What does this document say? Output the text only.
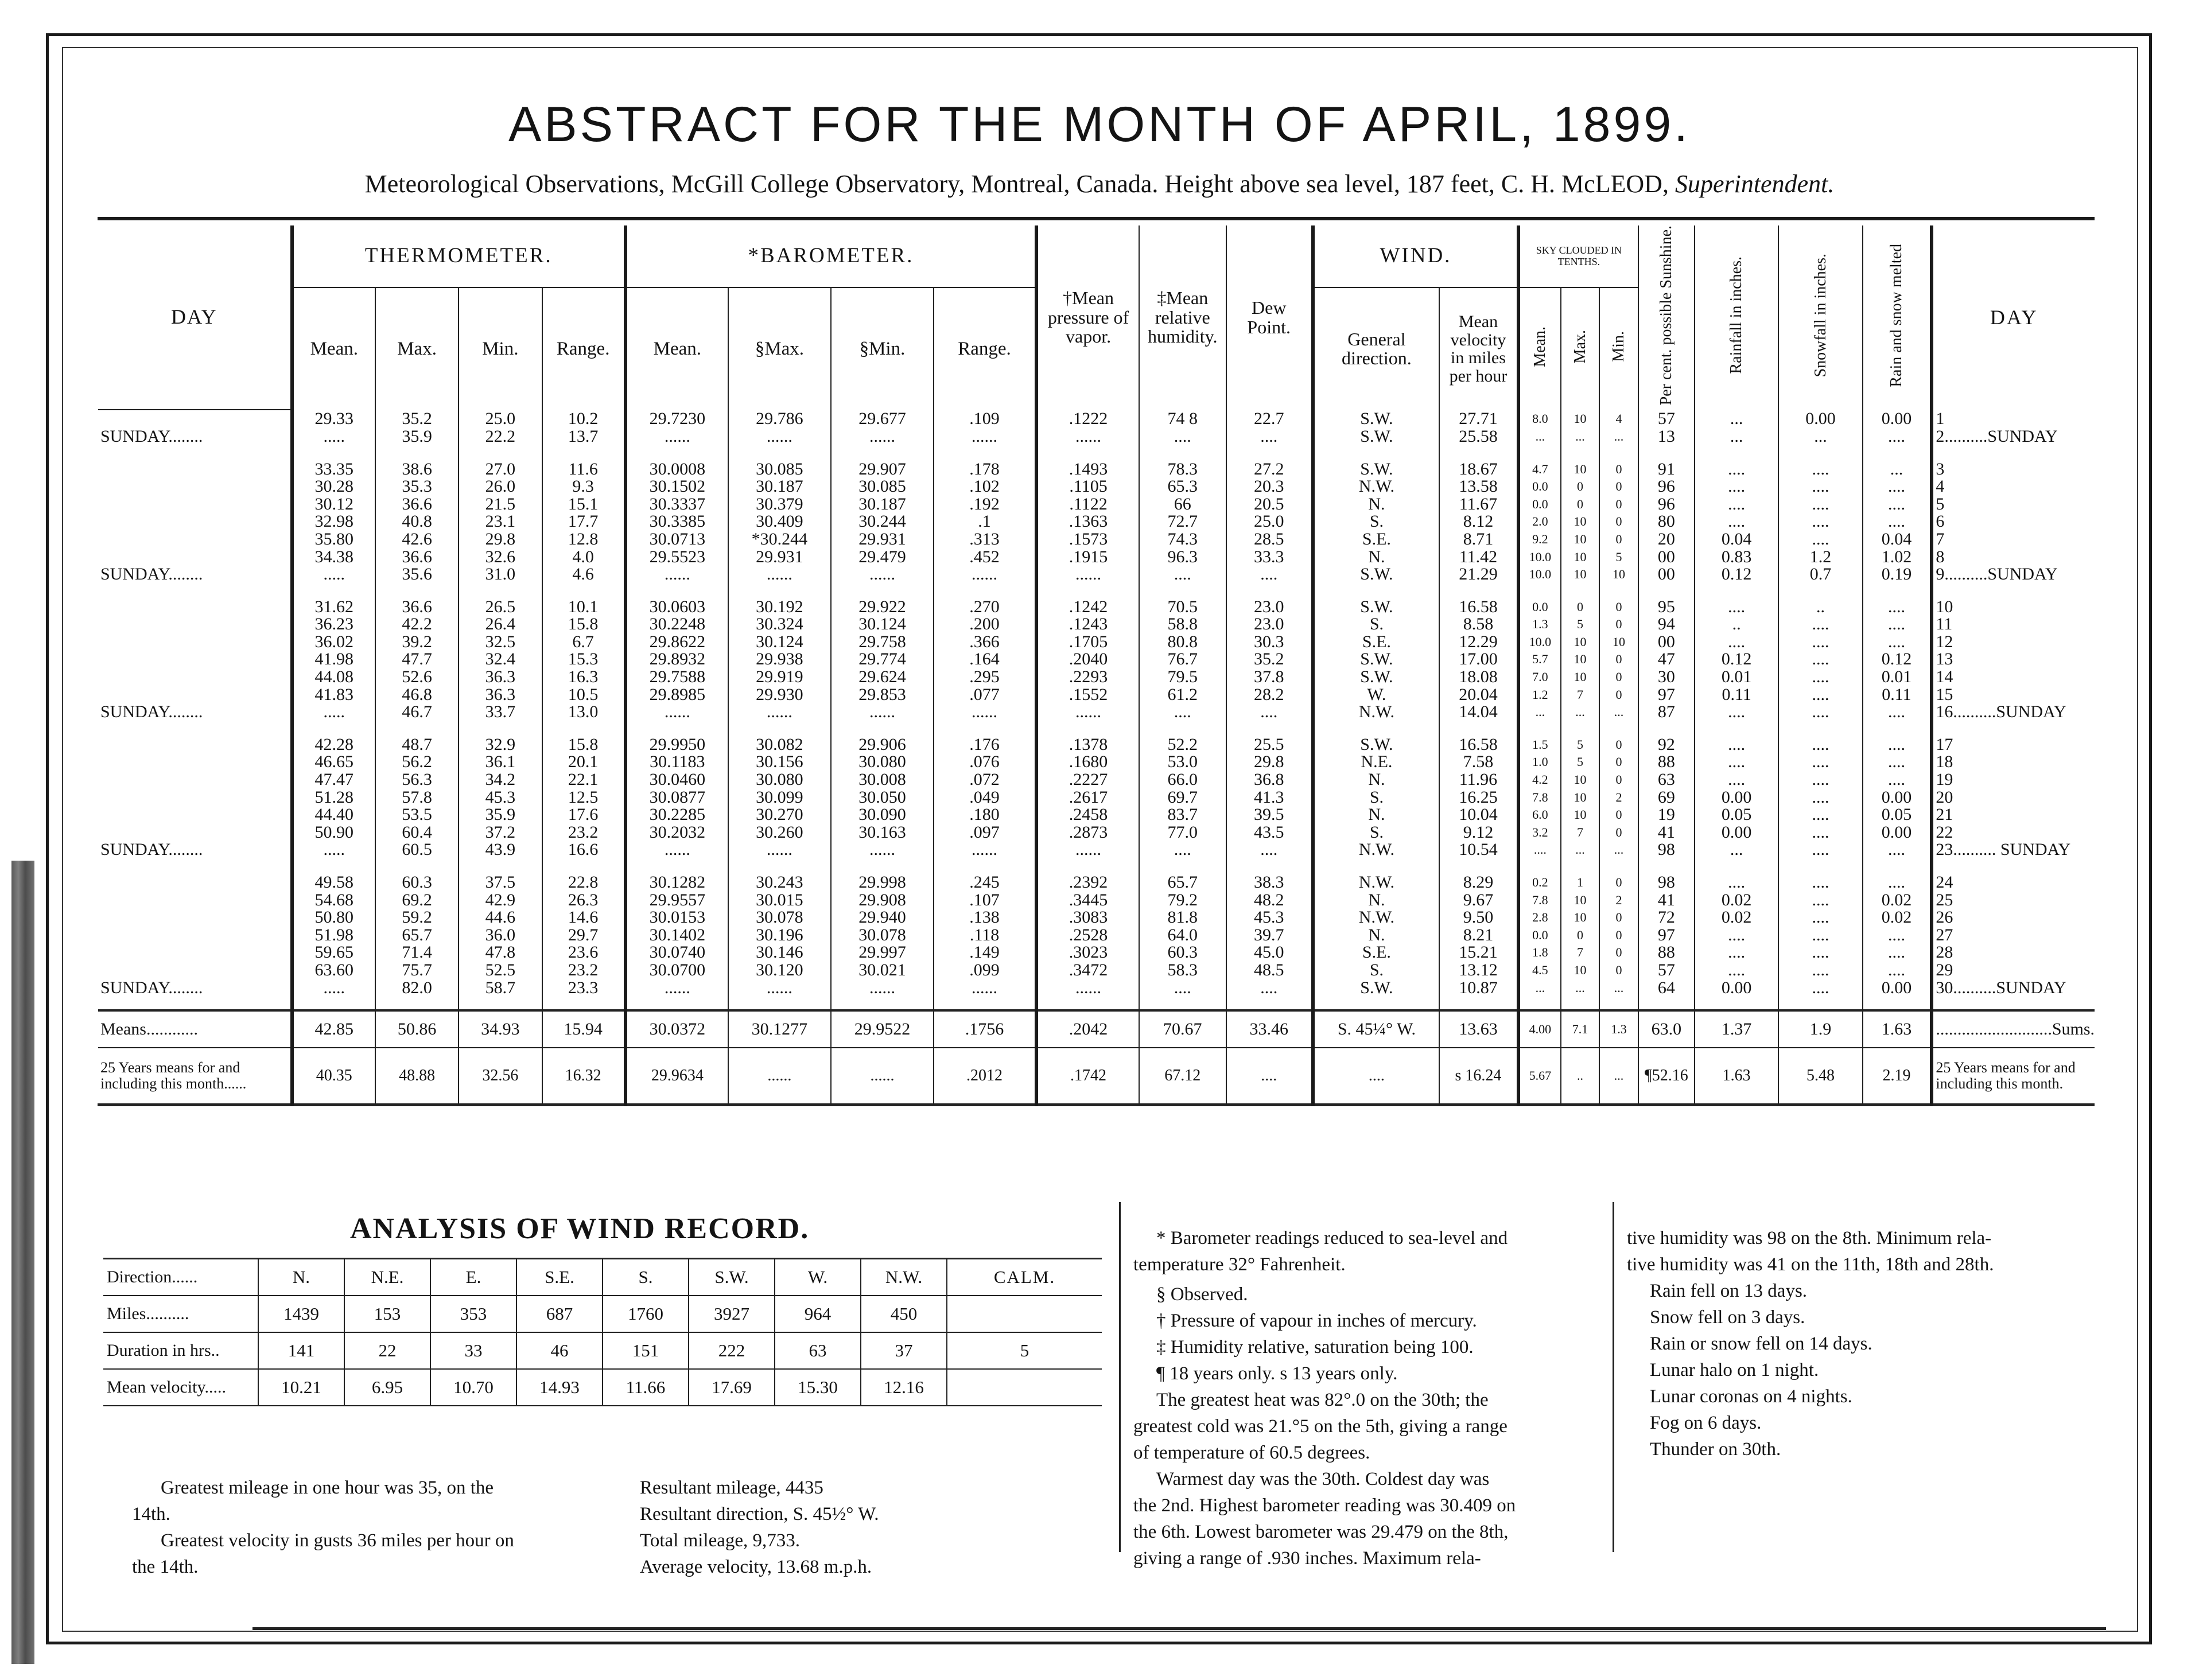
ABSTRACT FOR THE MONTH OF APRIL, 1899.
Meteorological Observations, McGill College Observatory, Montreal, Canada. Height above sea level, 187 feet, C. H. McLEOD, Superintendent.
DAY	THERMOMETER.				*BAROMETER.				†Mean pressure of vapor.	‡Mean relative humidity.	Dew Point.	WIND.		SKY CLOUDED IN TENTHS.			Per cent. possible Sunshine.	Rainfall in inches.	Snowfall in inches.	Rain and snow melted	DAY
	Mean.	Max.	Min.	Range.	Mean.	§Max.	§Min.	Range.				General direction.	Mean velocity in miles per hour	Mean.	Max.	Min.					
	29.33	35.2	25.0	10.2	29.7230	29.786	29.677	.109	.1222	74 8	22.7	S.W.	27.71	8.0	10	4	57	...	0.00	0.00	1
SUNDAY........	.....	35.9	22.2	13.7	......	......	......	......	......	....	....	S.W.	25.58	...	...	...	13	...	...	....	2..........SUNDAY

	33.35	38.6	27.0	11.6	30.0008	30.085	29.907	.178	.1493	78.3	27.2	S.W.	18.67	4.7	10	0	91	....	....	...	3
	30.28	35.3	26.0	9.3	30.1502	30.187	30.085	.102	.1105	65.3	20.3	N.W.	13.58	0.0	0	0	96	....	....	....	4
	30.12	36.6	21.5	15.1	30.3337	30.379	30.187	.192	.1122	66	20.5	N.	11.67	0.0	0	0	96	....	....	....	5
	32.98	40.8	23.1	17.7	30.3385	30.409	30.244	.1	.1363	72.7	25.0	S.	8.12	2.0	10	0	80	....	....	....	6
	35.80	42.6	29.8	12.8	30.0713	*30.244	29.931	.313	.1573	74.3	28.5	S.E.	8.71	9.2	10	0	20	0.04	....	0.04	7
	34.38	36.6	32.6	4.0	29.5523	29.931	29.479	.452	.1915	96.3	33.3	N.	11.42	10.0	10	5	00	0.83	1.2	1.02	8
SUNDAY........	.....	35.6	31.0	4.6	......	......	......	......	......	....	....	S.W.	21.29	10.0	10	10	00	0.12	0.7	0.19	9..........SUNDAY

	31.62	36.6	26.5	10.1	30.0603	30.192	29.922	.270	.1242	70.5	23.0	S.W.	16.58	0.0	0	0	95	....	..	....	10
	36.23	42.2	26.4	15.8	30.2248	30.324	30.124	.200	.1243	58.8	23.0	S.	8.58	1.3	5	0	94	..	....	....	11
	36.02	39.2	32.5	6.7	29.8622	30.124	29.758	.366	.1705	80.8	30.3	S.E.	12.29	10.0	10	10	00	....	....	....	12
	41.98	47.7	32.4	15.3	29.8932	29.938	29.774	.164	.2040	76.7	35.2	S.W.	17.00	5.7	10	0	47	0.12	....	0.12	13
	44.08	52.6	36.3	16.3	29.7588	29.919	29.624	.295	.2293	79.5	37.8	S.W.	18.08	7.0	10	0	30	0.01	....	0.01	14
	41.83	46.8	36.3	10.5	29.8985	29.930	29.853	.077	.1552	61.2	28.2	W.	20.04	1.2	7	0	97	0.11	....	0.11	15
SUNDAY........	.....	46.7	33.7	13.0	......	......	......	......	......	....	....	N.W.	14.04	...	...	...	87	....	....	....	16..........SUNDAY

	42.28	48.7	32.9	15.8	29.9950	30.082	29.906	.176	.1378	52.2	25.5	S.W.	16.58	1.5	5	0	92	....	....	....	17
	46.65	56.2	36.1	20.1	30.1183	30.156	30.080	.076	.1680	53.0	29.8	N.E.	7.58	1.0	5	0	88	....	....	....	18
	47.47	56.3	34.2	22.1	30.0460	30.080	30.008	.072	.2227	66.0	36.8	N.	11.96	4.2	10	0	63	....	....	....	19
	51.28	57.8	45.3	12.5	30.0877	30.099	30.050	.049	.2617	69.7	41.3	S.	16.25	7.8	10	2	69	0.00	....	0.00	20
	44.40	53.5	35.9	17.6	30.2285	30.270	30.090	.180	.2458	83.7	39.5	N.	10.04	6.0	10	0	19	0.05	....	0.05	21
	50.90	60.4	37.2	23.2	30.2032	30.260	30.163	.097	.2873	77.0	43.5	S.	9.12	3.2	7	0	41	0.00	....	0.00	22
SUNDAY........	.....	60.5	43.9	16.6	......	......	......	......	......	....	....	N.W.	10.54	....	...	...	98	...	....	....	23.......... SUNDAY

	49.58	60.3	37.5	22.8	30.1282	30.243	29.998	.245	.2392	65.7	38.3	N.W.	8.29	0.2	1	0	98	....	....	....	24
	54.68	69.2	42.9	26.3	29.9557	30.015	29.908	.107	.3445	79.2	48.2	N.	9.67	7.8	10	2	41	0.02	....	0.02	25
	50.80	59.2	44.6	14.6	30.0153	30.078	29.940	.138	.3083	81.8	45.3	N.W.	9.50	2.8	10	0	72	0.02	....	0.02	26
	51.98	65.7	36.0	29.7	30.1402	30.196	30.078	.118	.2528	64.0	39.7	N.	8.21	0.0	0	0	97	....	....	....	27
	59.65	71.4	47.8	23.6	30.0740	30.146	29.997	.149	.3023	60.3	45.0	S.E.	15.21	1.8	7	0	88	....	....	....	28
	63.60	75.7	52.5	23.2	30.0700	30.120	30.021	.099	.3472	58.3	48.5	S.	13.12	4.5	10	0	57	....	....	....	29
SUNDAY........	.....	82.0	58.7	23.3	......	......	......	......	......	....	....	S.W.	10.87	...	...	...	64	0.00	....	0.00	30..........SUNDAY

Means............	42.85	50.86	34.93	15.94	30.0372	30.1277	29.9522	.1756	.2042	70.67	33.46	S. 45¼° W.	13.63	4.00	7.1	1.3	63.0	1.37	1.9	1.63	...........................Sums.
25 Years means for and including this month......	40.35	48.88	32.56	16.32	29.9634	......	......	.2012	.1742	67.12	....	....	s 16.24	5.67	..	...	¶52.16	1.63	5.48	2.19	25 Years means for and including this month.

ANALYSIS OF WIND RECORD.
Direction......	N.	N.E.	E.	S.E.	S.	S.W.	W.	N.W.	CALM.
Miles..........	1439	153	353	687	1760	3927	964	450	
Duration in hrs..	141	22	33	46	151	222	63	37	5
Mean velocity.....	10.21	6.95	10.70	14.93	11.66	17.69	15.30	12.16	
Greatest mileage in one hour was 35, on the
14th.
Greatest velocity in gusts 36 miles per hour on
the 14th.
Resultant mileage, 4435
Resultant direction, S. 45½° W.
Total mileage, 9,733.
Average velocity, 13.68 m.p.h.
* Barometer readings reduced to sea-level and
temperature 32° Fahrenheit.
§ Observed.
† Pressure of vapour in inches of mercury.
‡ Humidity relative, saturation being 100.
¶ 18 years only. s 13 years only.
The greatest heat was 82°.0 on the 30th; the
greatest cold was 21.°5 on the 5th, giving a range
of temperature of 60.5 degrees.
Warmest day was the 30th. Coldest day was
the 2nd. Highest barometer reading was 30.409 on
the 6th. Lowest barometer was 29.479 on the 8th,
giving a range of .930 inches. Maximum rela-
tive humidity was 98 on the 8th. Minimum rela-
tive humidity was 41 on the 11th, 18th and 28th.
Rain fell on 13 days.
Snow fell on 3 days.
Rain or snow fell on 14 days.
Lunar halo on 1 night.
Lunar coronas on 4 nights.
Fog on 6 days.
Thunder on 30th.
